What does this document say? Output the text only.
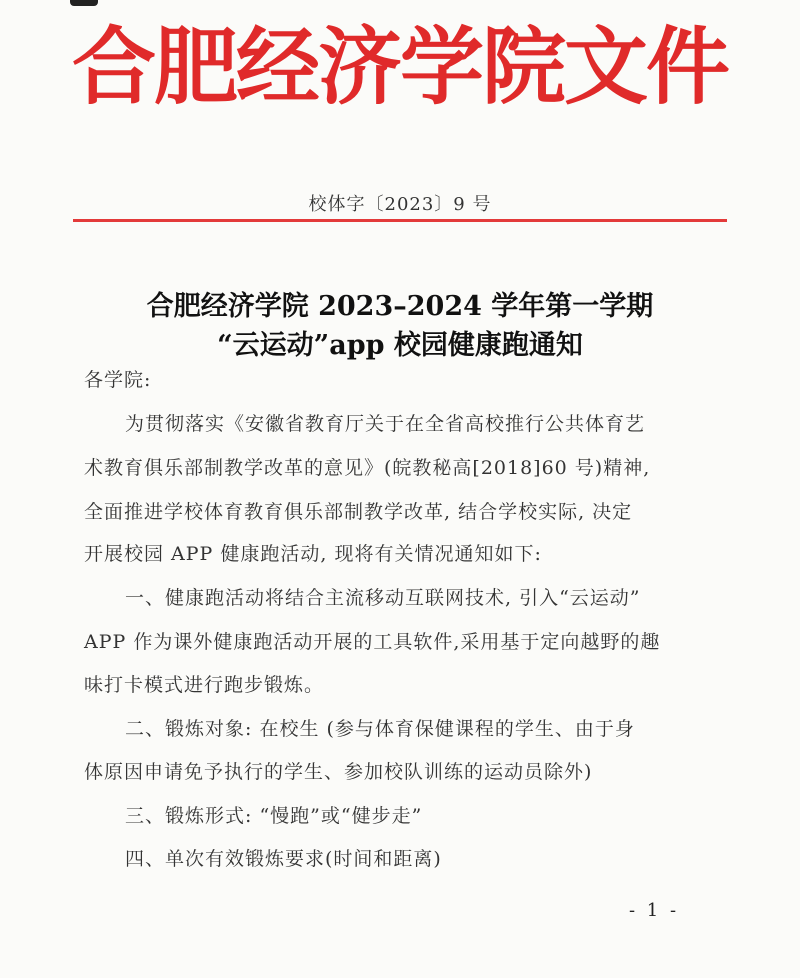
合肥经济学院文件
校体字〔2023〕9 号
合肥经济学院 2023–2024 学年第一学期
“云运动”app 校园健康跑通知
各学院:
为贯彻落实《安徽省教育厅关于在全省高校推行公共体育艺
术教育俱乐部制教学改革的意见》(皖教秘高[2018]60 号)精神,
全面推进学校体育教育俱乐部制教学改革, 结合学校实际, 决定
开展校园 APP 健康跑活动, 现将有关情况通知如下:
一、健康跑活动将结合主流移动互联网技术, 引入“云运动”
APP 作为课外健康跑活动开展的工具软件,采用基于定向越野的趣
味打卡模式进行跑步锻炼。
二、锻炼对象: 在校生 (参与体育保健课程的学生、由于身
体原因申请免予执行的学生、参加校队训练的运动员除外)
三、锻炼形式: “慢跑”或“健步走”
四、单次有效锻炼要求(时间和距离)
- 1 -
